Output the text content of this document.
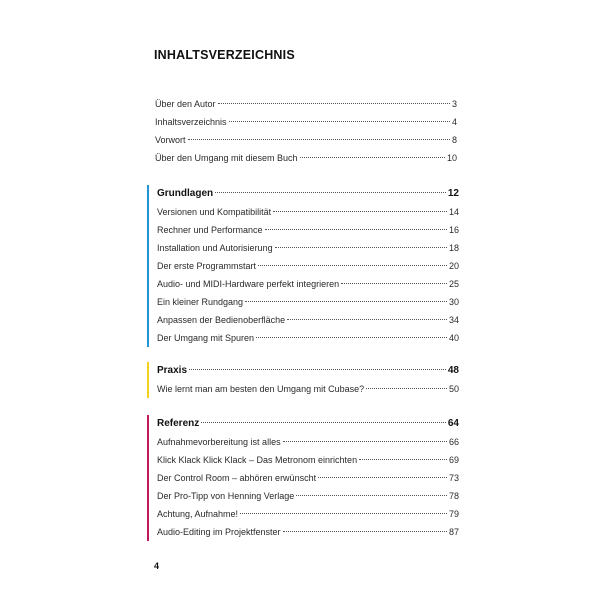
INHALTSVERZEICHNIS
Über den Autor	3
Inhaltsverzeichnis	4
Vorwort	8
Über den Umgang mit diesem Buch	10
Grundlagen	12
Versionen und Kompatibilität	14
Rechner und Performance	16
Installation und Autorisierung	18
Der erste Programmstart	20
Audio- und MIDI-Hardware perfekt integrieren	25
Ein kleiner Rundgang	30
Anpassen der Bedienoberfläche	34
Der Umgang mit Spuren	40
Praxis	48
Wie lernt man am besten den Umgang mit Cubase?	50
Referenz	64
Aufnahmevorbereitung ist alles	66
Klick Klack Klick Klack – Das Metronom einrichten	69
Der Control Room – abhören erwünscht	73
Der Pro-Tipp von Henning Verlage	78
Achtung, Aufnahme!	79
Audio-Editing im Projektfenster	87
4
